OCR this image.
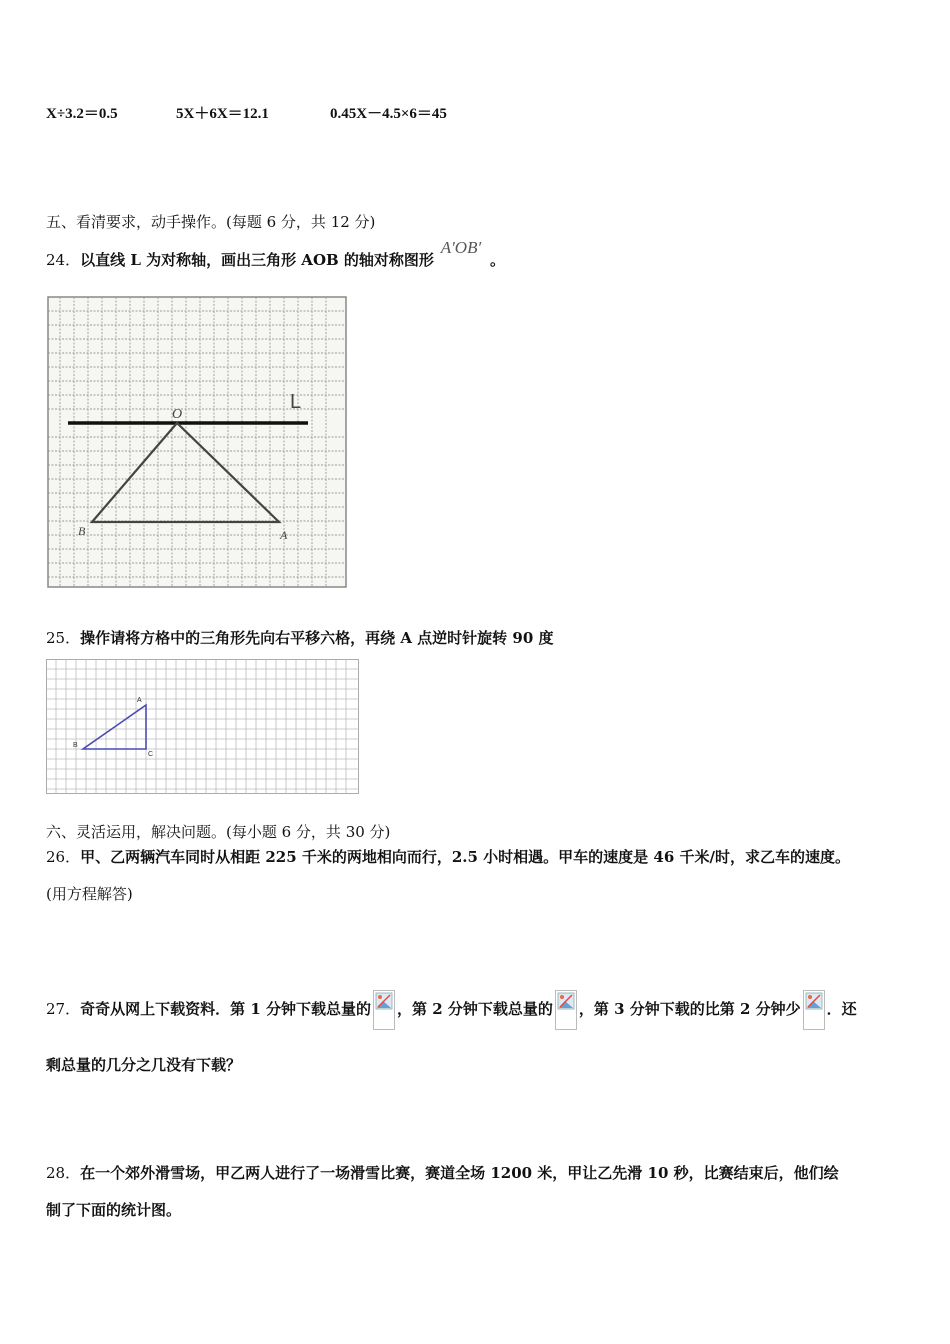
X÷3.2＝0.5	5X＋6X＝12.1	0.45X－4.5×6＝45
五、看清要求，动手操作。(每题 6 分，共 12 分)
24．以直线 L 为对称轴，画出三角形 AOB 的轴对称图形 A′OB′ 。
O
L
B	A
25．操作请将方格中的三角形先向右平移六格，再绕 A 点逆时针旋转 90 度
A
B
C
六、灵活运用，解决问题。(每小题 6 分，共 30 分)
26．甲、乙两辆汽车同时从相距 225 千米的两地相向而行，2.5 小时相遇。甲车的速度是 46 千米/时，求乙车的速度。
(用方程解答)
27．奇奇从网上下载资料．第 1 分钟下载总量的 ，第 2 分钟下载总量的 ，第 3 分钟下载的比第 2 分钟少 ．还
剩总量的几分之几没有下载？
28．在一个郊外滑雪场，甲乙两人进行了一场滑雪比赛，赛道全场 1200 米，甲让乙先滑 10 秒，比赛结束后，他们绘
制了下面的统计图。
